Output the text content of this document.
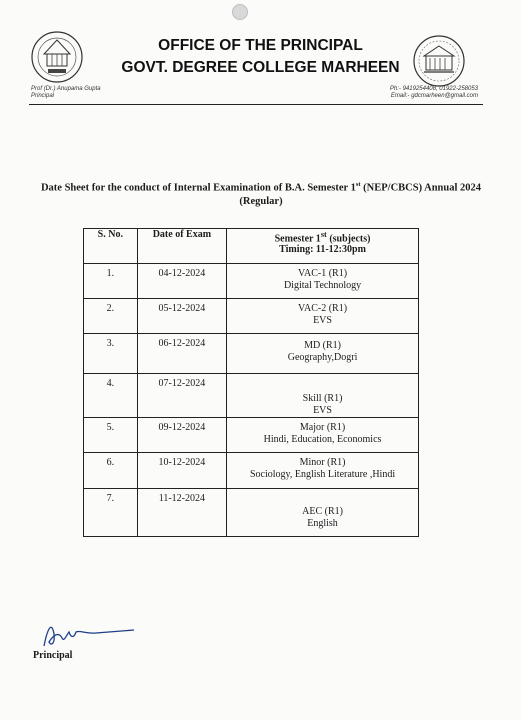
OFFICE OF THE PRINCIPAL
GOVT. DEGREE COLLEGE MARHEEN
Prof (Dr.) Anupama Gupta
Principal
Ph:- 9419254408, 01922-258053
Email:- gdcmarheen@gmail.com
Date Sheet for the conduct of Internal Examination of B.A. Semester 1st (NEP/CBCS) Annual 2024 (Regular)
S. No.	Date of Exam	Semester 1st (subjects)
Timing: 11-12:30pm

1.	04-12-2024	VAC-1 (R1)
Digital Technology

2.	05-12-2024	VAC-2 (R1)
EVS

3.	06-12-2024	MD (R1)
Geography,Dogri

4.	07-12-2024	Skill (R1)
EVS

5.	09-12-2024	Major (R1)
Hindi, Education, Economics

6.	10-12-2024	Minor (R1)
Sociology, English Literature ,Hindi

7.	11-12-2024	AEC (R1)
English
Principal
